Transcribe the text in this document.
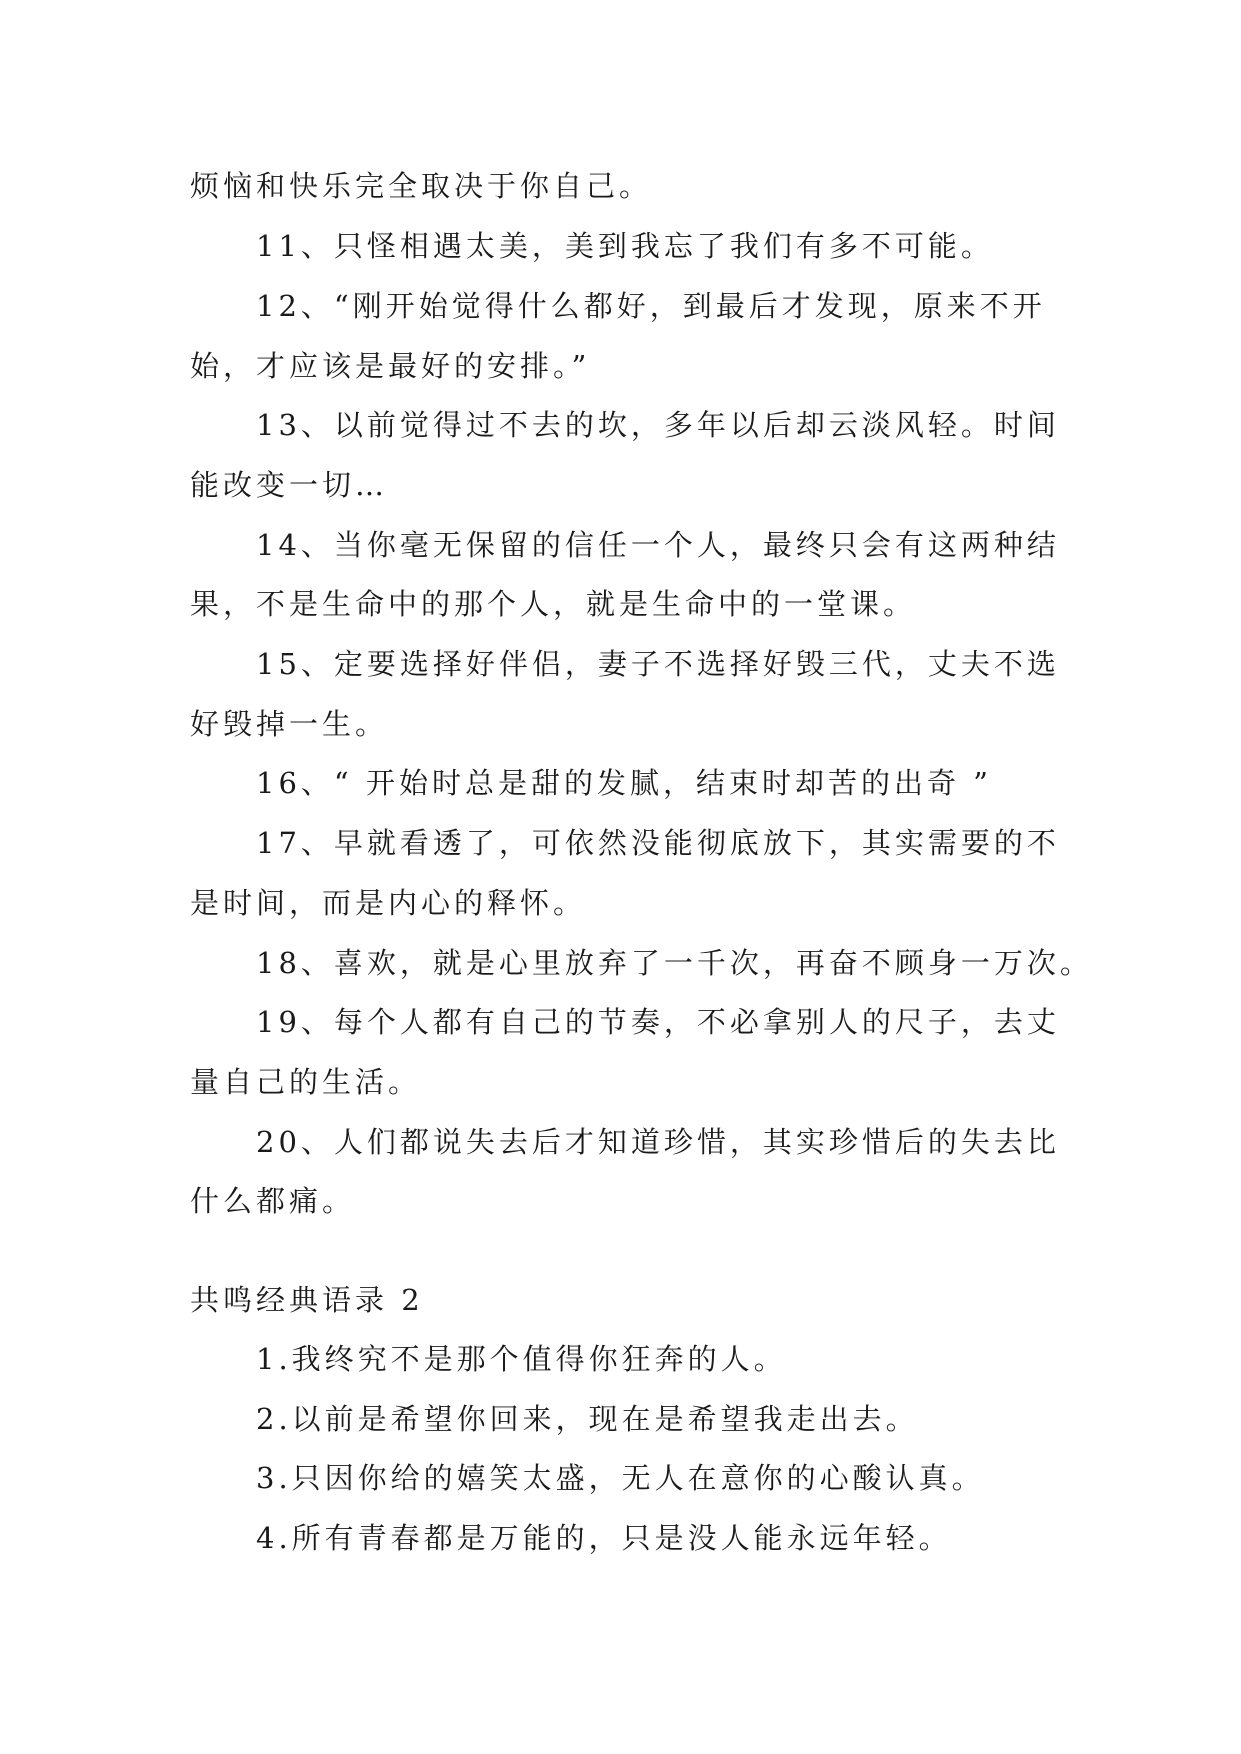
烦恼和快乐完全取决于你自己。
11、只怪相遇太美，美到我忘了我们有多不可能。
12、“刚开始觉得什么都好，到最后才发现，原来不开
始，才应该是最好的安排。”
13、以前觉得过不去的坎，多年以后却云淡风轻。时间
能改变一切…
14、当你毫无保留的信任一个人，最终只会有这两种结
果，不是生命中的那个人，就是生命中的一堂课。
15、定要选择好伴侣，妻子不选择好毁三代，丈夫不选
好毁掉一生。
16、“ 开始时总是甜的发腻，结束时却苦的出奇 ”
17、早就看透了，可依然没能彻底放下，其实需要的不
是时间，而是内心的释怀。
18、喜欢，就是心里放弃了一千次，再奋不顾身一万次。
19、每个人都有自己的节奏，不必拿别人的尺子，去丈
量自己的生活。
20、人们都说失去后才知道珍惜，其实珍惜后的失去比
什么都痛。
共鸣经典语录 2
1.我终究不是那个值得你狂奔的人。
2.以前是希望你回来，现在是希望我走出去。
3.只因你给的嬉笑太盛，无人在意你的心酸认真。
4.所有青春都是万能的，只是没人能永远年轻。
